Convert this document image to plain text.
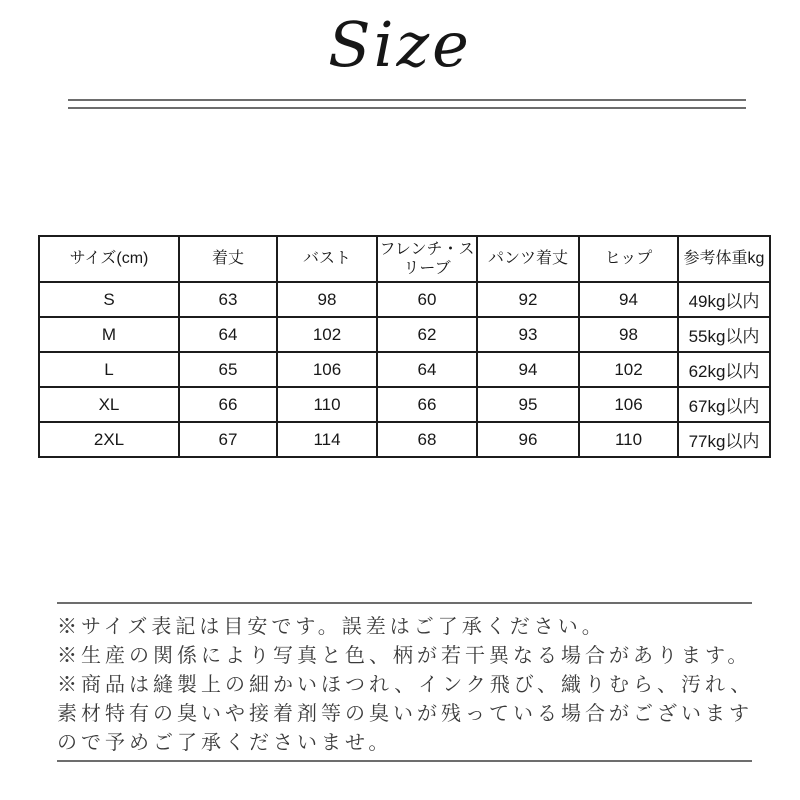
Size
サイズ(cm)	着丈	バスト	フレンチ・スリーブ	パンツ着丈	ヒップ	参考体重kg
S	63	98	60	92	94	49kg以内
M	64	102	62	93	98	55kg以内
L	65	106	64	94	102	62kg以内
XL	66	110	66	95	106	67kg以内
2XL	67	114	68	96	110	77kg以内

※サイズ表記は目安です。誤差はご了承ください。

※生産の関係により写真と色、柄が若干異なる場合があります。

※商品は縫製上の細かいほつれ、インク飛び、織りむら、汚れ、

素材特有の臭いや接着剤等の臭いが残っている場合がございます

ので予めご了承くださいませ。
